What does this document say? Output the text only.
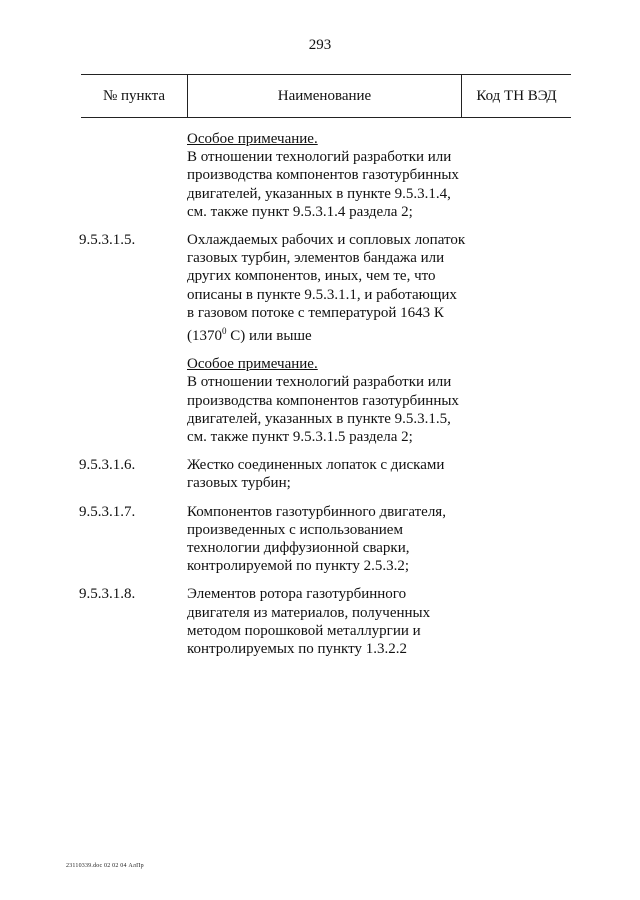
293
№ пункта	Наименование	Код ТН ВЭД
Особое примечание.
В отношении технологий разработки или производства компонентов газотурбинных двигателей, указанных в пункте 9.5.3.1.4, см. также пункт 9.5.3.1.4 раздела 2;
9.5.3.1.5.	Охлаждаемых рабочих и сопловых лопаток газовых турбин, элементов бандажа или других компонентов, иных, чем те, что описаны в пункте 9.5.3.1.1, и работающих в газовом потоке с температурой 1643 К (1370$^0$ С) или выше
Особое примечание.
В отношении технологий разработки или производства компонентов газотурбинных двигателей, указанных в пункте 9.5.3.1.5, см. также пункт 9.5.3.1.5 раздела 2;
9.5.3.1.6.	Жестко соединенных лопаток с дисками газовых турбин;
9.5.3.1.7.	Компонентов газотурбинного двигателя, произведенных с использованием технологии диффузионной сварки, контролируемой по пункту 2.5.3.2;
9.5.3.1.8.	Элементов ротора газотурбинного двигателя из материалов, полученных методом порошковой металлургии и контролируемых по пункту 1.3.2.2
23110339.doc 02 02 04 АлПр
